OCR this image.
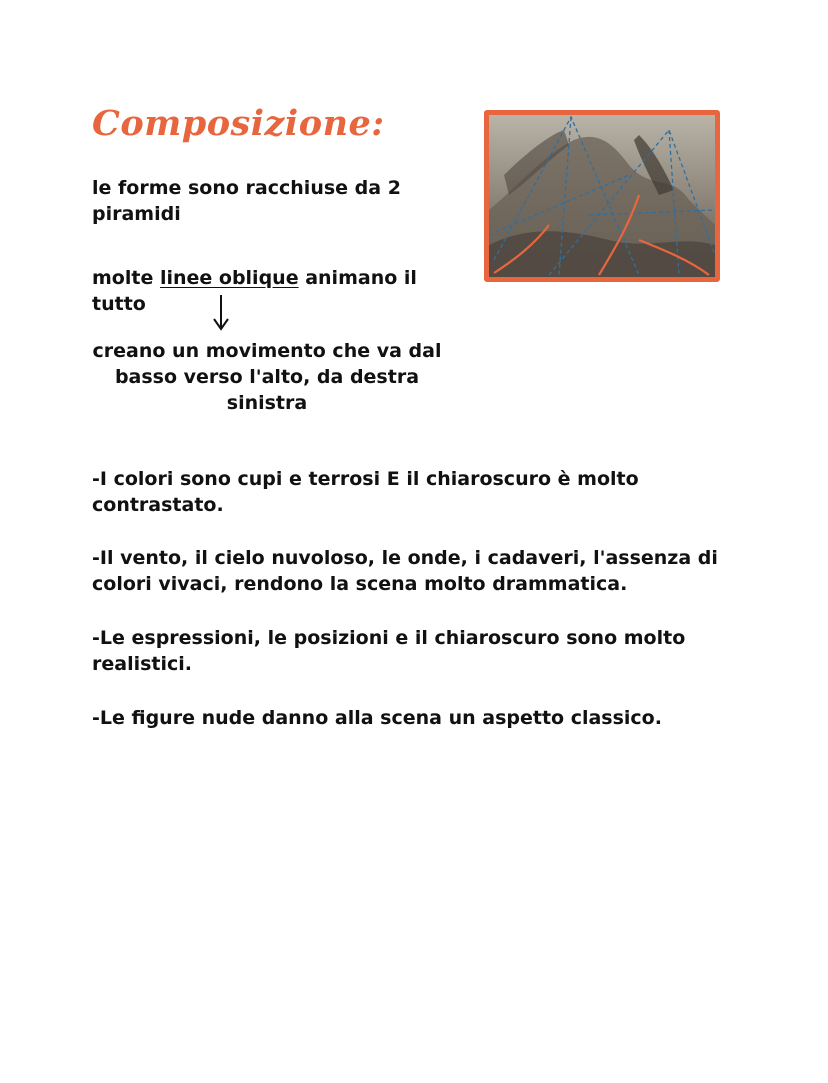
Composizione:

le forme sono racchiuse da 2 piramidi

molte linee oblique animano il tutto

creano un movimento che va dal basso verso l'alto, da destra sinistra

-I colori sono cupi e terrosi E il chiaroscuro è molto contrastato.

-Il vento, il cielo nuvoloso, le onde, i cadaveri, l'assenza di colori vivaci, rendono la scena molto drammatica.

-Le espressioni, le posizioni e il chiaroscuro sono molto realistici.

-Le figure nude danno alla scena un aspetto classico.
